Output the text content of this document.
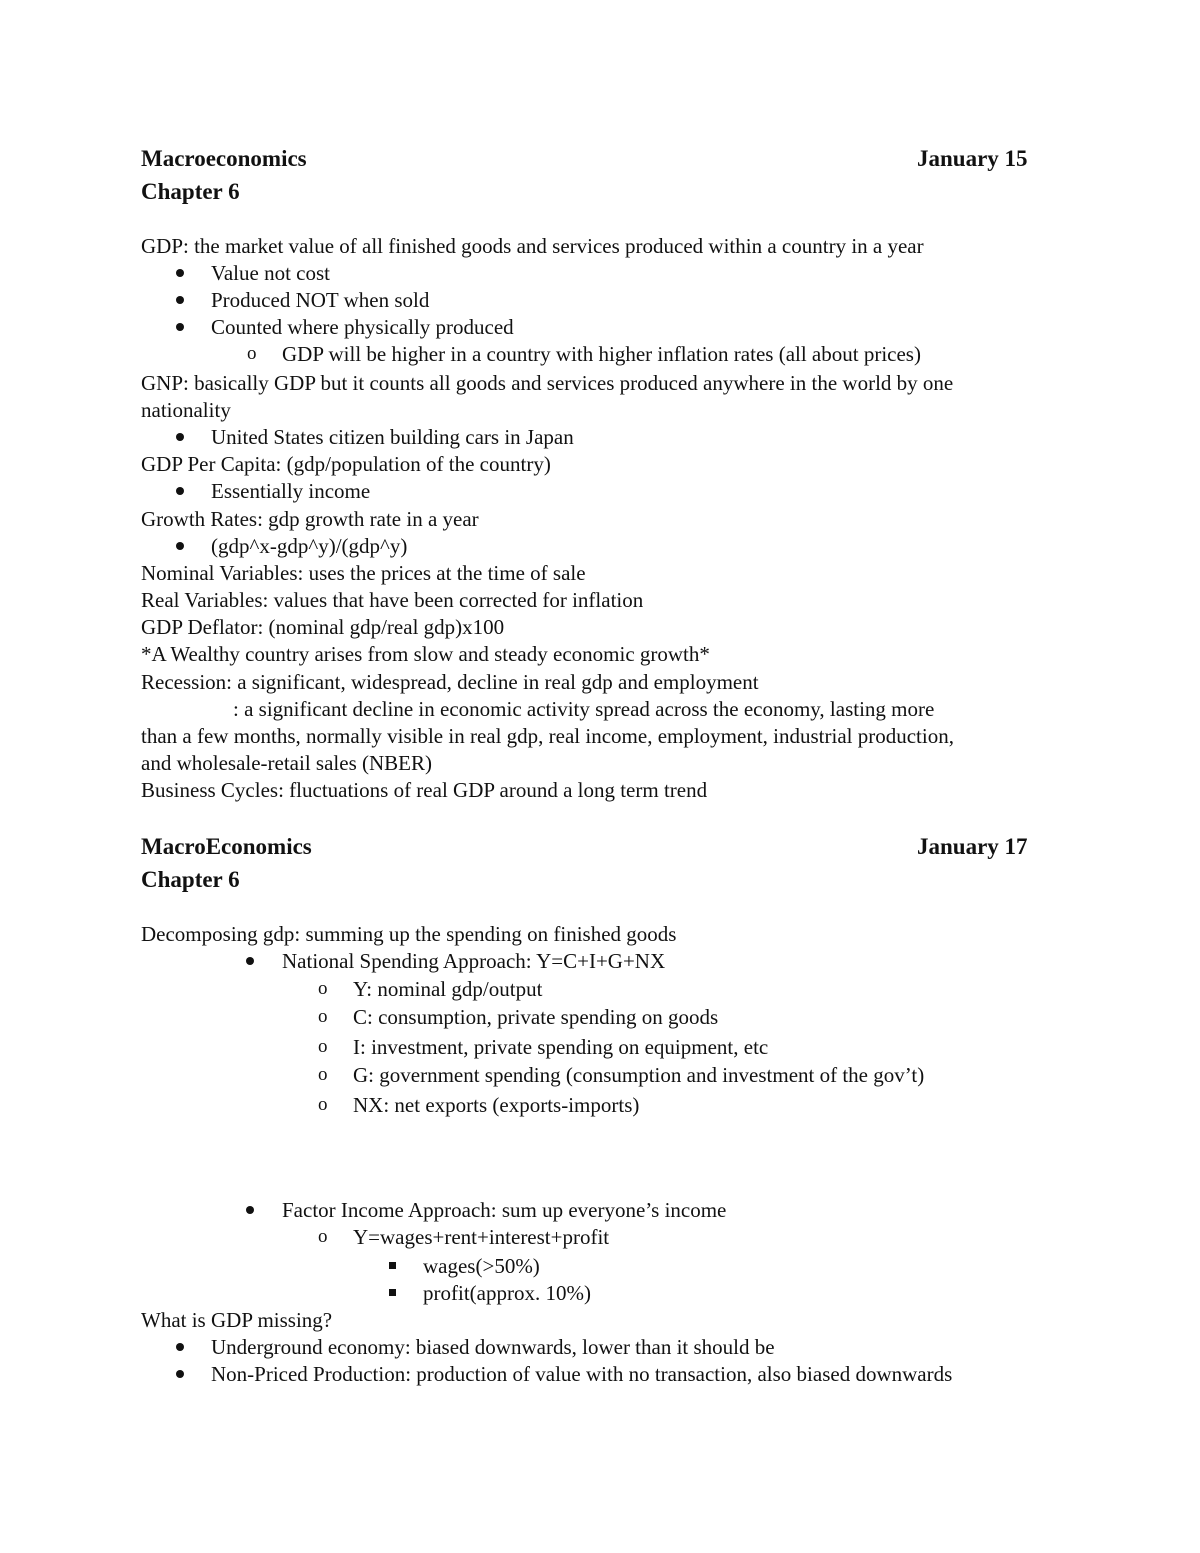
Macroeconomics	January 15
Chapter 6
GDP: the market value of all finished goods and services produced within a country in a year
Value not cost
Produced NOT when sold
Counted where physically produced
o GDP will be higher in a country with higher inflation rates (all about prices)
GNP: basically GDP but it counts all goods and services produced anywhere in the world by one
nationality
United States citizen building cars in Japan
GDP Per Capita: (gdp/population of the country)
Essentially income
Growth Rates: gdp growth rate in a year
(gdp^x-gdp^y)/(gdp^y)
Nominal Variables: uses the prices at the time of sale
Real Variables: values that have been corrected for inflation
GDP Deflator: (nominal gdp/real gdp)x100
*A Wealthy country arises from slow and steady economic growth*
Recession: a significant, widespread, decline in real gdp and employment
: a significant decline in economic activity spread across the economy, lasting more
than a few months, normally visible in real gdp, real income, employment, industrial production,
and wholesale-retail sales (NBER)
Business Cycles: fluctuations of real GDP around a long term trend
MacroEconomics	January 17
Chapter 6
Decomposing gdp: summing up the spending on finished goods
National Spending Approach: Y=C+I+G+NX
o Y: nominal gdp/output
o C: consumption, private spending on goods
o I: investment, private spending on equipment, etc
o G: government spending (consumption and investment of the gov’t)
o NX: net exports (exports-imports)
Factor Income Approach: sum up everyone’s income
o Y=wages+rent+interest+profit
wages(>50%)
profit(approx. 10%)
What is GDP missing?
Underground economy: biased downwards, lower than it should be
Non-Priced Production: production of value with no transaction, also biased downwards
